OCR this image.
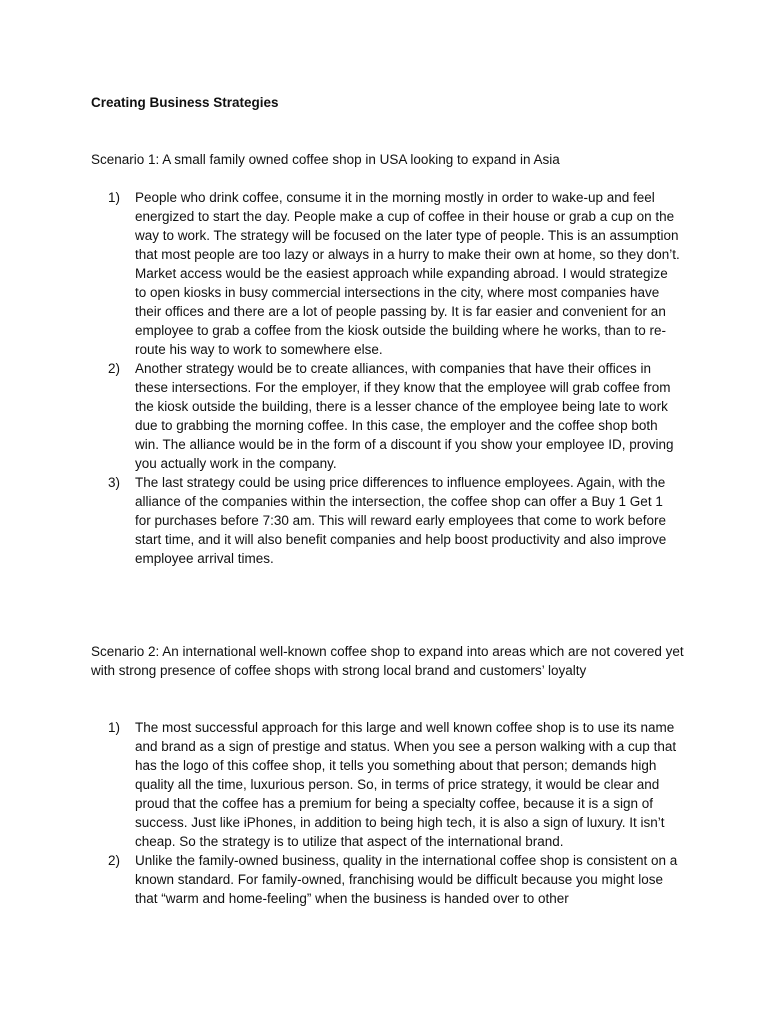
Creating Business Strategies

Scenario 1: A small family owned coffee shop in USA looking to expand in Asia

1) People who drink coffee, consume it in the morning mostly in order to wake-up and feel energized to start the day. People make a cup of coffee in their house or grab a cup on the way to work. The strategy will be focused on the later type of people. This is an assumption that most people are too lazy or always in a hurry to make their own at home, so they don’t. Market access would be the easiest approach while expanding abroad. I would strategize to open kiosks in busy commercial intersections in the city, where most companies have their offices and there are a lot of people passing by. It is far easier and convenient for an employee to grab a coffee from the kiosk outside the building where he works, than to re-route his way to work to somewhere else.
2) Another strategy would be to create alliances, with companies that have their offices in these intersections. For the employer, if they know that the employee will grab coffee from the kiosk outside the building, there is a lesser chance of the employee being late to work due to grabbing the morning coffee. In this case, the employer and the coffee shop both win. The alliance would be in the form of a discount if you show your employee ID, proving you actually work in the company.
3) The last strategy could be using price differences to influence employees. Again, with the alliance of the companies within the intersection, the coffee shop can offer a Buy 1 Get 1 for purchases before 7:30 am. This will reward early employees that come to work before start time, and it will also benefit companies and help boost productivity and also improve employee arrival times.

Scenario 2: An international well-known coffee shop to expand into areas which are not covered yet with strong presence of coffee shops with strong local brand and customers’ loyalty

1) The most successful approach for this large and well known coffee shop is to use its name and brand as a sign of prestige and status. When you see a person walking with a cup that has the logo of this coffee shop, it tells you something about that person; demands high quality all the time, luxurious person. So, in terms of price strategy, it would be clear and proud that the coffee has a premium for being a specialty coffee, because it is a sign of success. Just like iPhones, in addition to being high tech, it is also a sign of luxury. It isn’t cheap. So the strategy is to utilize that aspect of the international brand.
2) Unlike the family-owned business, quality in the international coffee shop is consistent on a known standard. For family-owned, franchising would be difficult because you might lose that “warm and home-feeling” when the business is handed over to other
